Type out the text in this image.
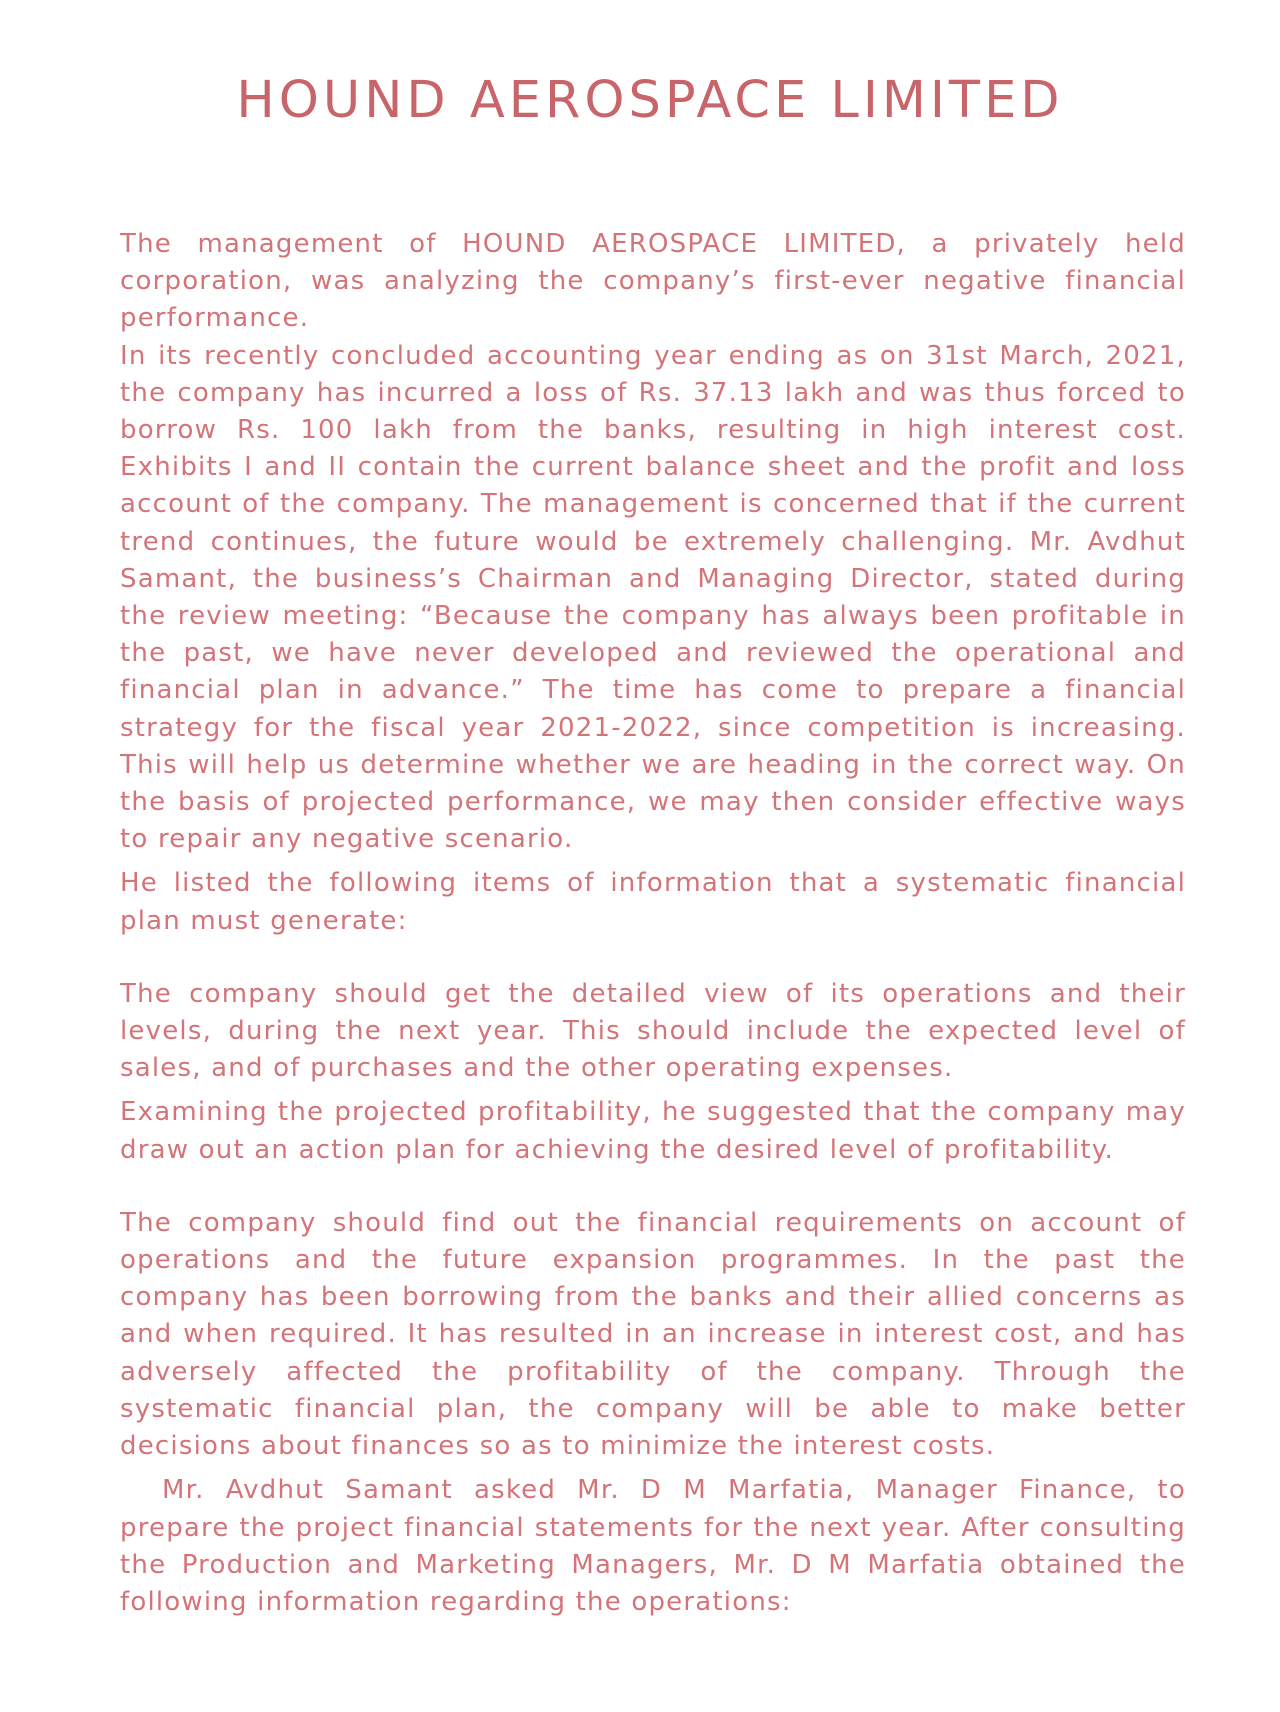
HOUND AEROSPACE LIMITED

The management of HOUND AEROSPACE LIMITED, a privately held corporation, was analyzing the company’s first-ever negative financial performance.

In its recently concluded accounting year ending as on 31st March, 2021, the company has incurred a loss of Rs. 37.13 lakh and was thus forced to borrow Rs. 100 lakh from the banks, resulting in high interest cost. Exhibits I and II contain the current balance sheet and the profit and loss account of the company. The management is concerned that if the current trend continues, the future would be extremely challenging. Mr. Avdhut Samant, the business’s Chairman and Managing Director, stated during the review meeting: “Because the company has always been profitable in the past, we have never developed and reviewed the operational and financial plan in advance.” The time has come to prepare a financial strategy for the fiscal year 2021-2022, since competition is increasing. This will help us determine whether we are heading in the correct way. On the basis of projected performance, we may then consider effective ways to repair any negative scenario.

He listed the following items of information that a systematic financial plan must generate:

The company should get the detailed view of its operations and their levels, during the next year. This should include the expected level of sales, and of purchases and the other operating expenses.

Examining the projected profitability, he suggested that the company may draw out an action plan for achieving the desired level of profitability.

The company should find out the financial requirements on account of operations and the future expansion programmes. In the past the company has been borrowing from the banks and their allied concerns as and when required. It has resulted in an increase in interest cost, and has adversely affected the profitability of the company. Through the systematic financial plan, the company will be able to make better decisions about finances so as to minimize the interest costs.

Mr. Avdhut Samant asked Mr. D M Marfatia, Manager Finance, to prepare the project financial statements for the next year. After consulting the Production and Marketing Managers, Mr. D M Marfatia obtained the following information regarding the operations:
